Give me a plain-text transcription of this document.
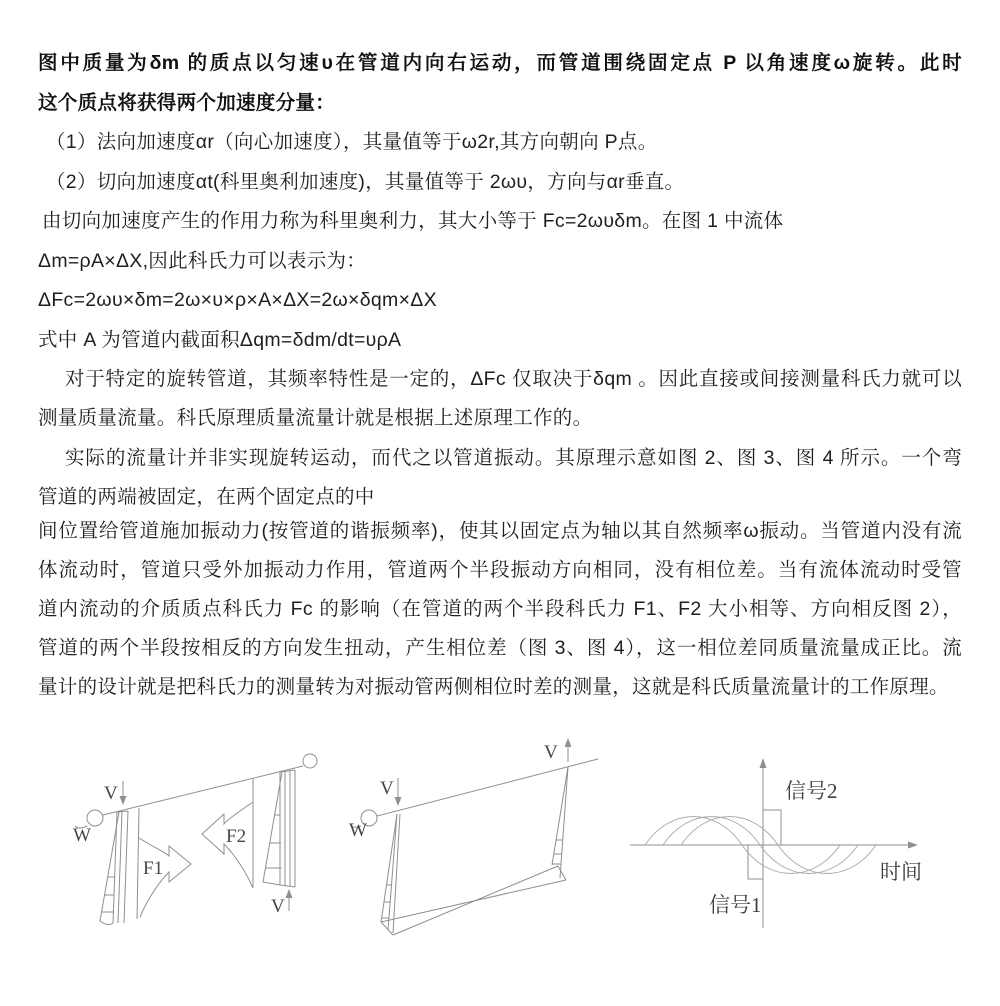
图中质量为δm 的质点以匀速υ在管道内向右运动，而管道围绕固定点 P 以角速度ω旋转。此时
这个质点将获得两个加速度分量：
（1）法向加速度αr（向心加速度），其量值等于ω2r,其方向朝向 P点。
（2）切向加速度αt(科里奥利加速度)，其量值等于 2ωυ，方向与αr垂直。
由切向加速度产生的作用力称为科里奥利力，其大小等于 Fc=2ωυδm。在图 1 中流体
Δm=ρA×ΔX,因此科氏力可以表示为：
ΔFc=2ωυ×δm=2ω×υ×ρ×A×ΔX=2ω×δqm×ΔX
式中 A 为管道内截面积Δqm=δdm/dt=υρA
对于特定的旋转管道，其频率特性是一定的，ΔFc 仅取决于δqm 。因此直接或间接测量科氏力就可以
测量质量流量。科氏原理质量流量计就是根据上述原理工作的。
实际的流量计并非实现旋转运动，而代之以管道振动。其原理示意如图 2、图 3、图 4 所示。一个弯
管道的两端被固定，在两个固定点的中
间位置给管道施加振动力(按管道的谐振频率)，使其以固定点为轴以其自然频率ω振动。当管道内没有流
体流动时，管道只受外加振动力作用，管道两个半段振动方向相同，没有相位差。当有流体流动时受管
道内流动的介质质点科氏力 Fc 的影响（在管道的两个半段科氏力 F1、F2 大小相等、方向相反图 2），
管道的两个半段按相反的方向发生扭动，产生相位差（图 3、图 4），这一相位差同质量流量成正比。流
量计的设计就是把科氏力的测量转为对振动管两侧相位时差的测量，这就是科氏质量流量计的工作原理。
V
W
F1
F2
V
V
W
V
信号2
信号1
时间
